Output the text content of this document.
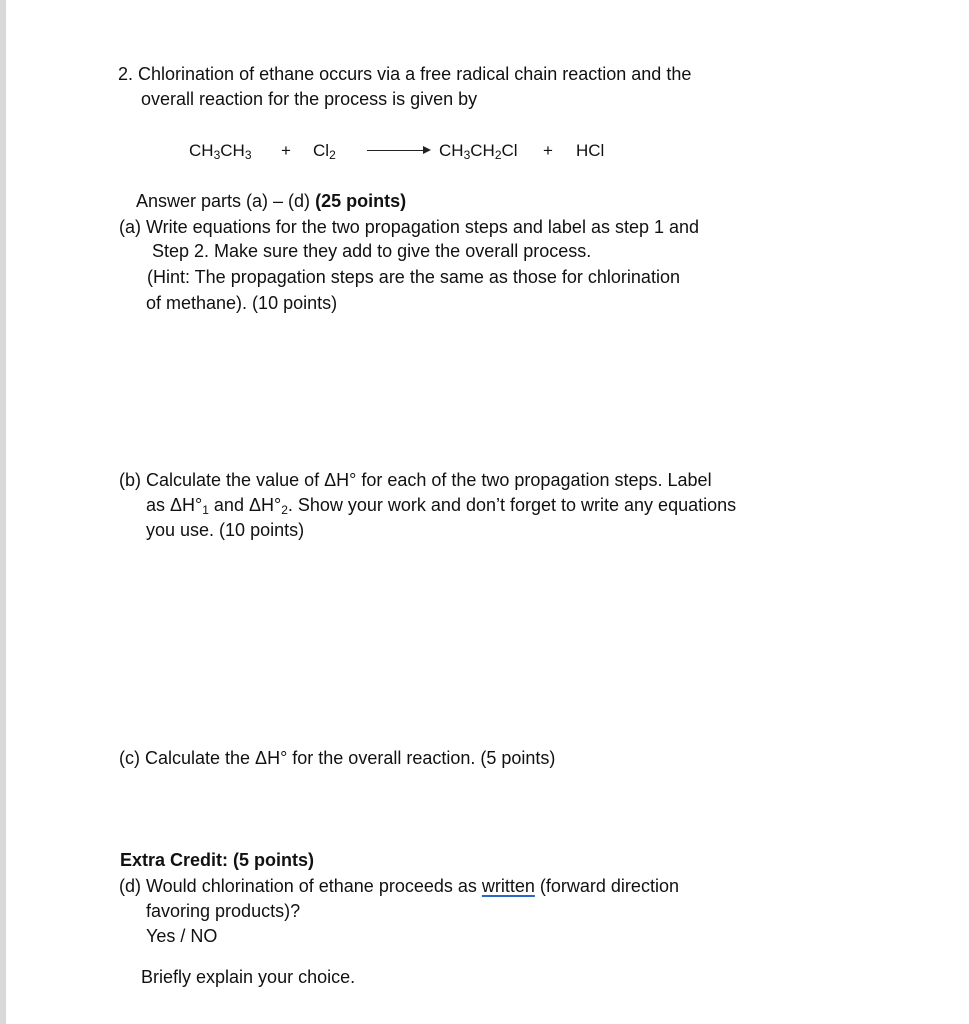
2. Chlorination of ethane occurs via a free radical chain reaction and the
overall reaction for the process is given by
$CH_3CH_3 + Cl_2 \to CH_3CH_2Cl$ + HCl
Answer parts (a) – (d) (25 points)
(a) Write equations for the two propagation steps and label as step 1 and
Step 2. Make sure they add to give the overall process.
(Hint: The propagation steps are the same as those for chlorination
of methane). (10 points)
(b) Calculate the value of ΔH° for each of the two propagation steps. Label
as $\Delta H^\circ_1$ and $\Delta H^\circ_2$. Show your work and don’t forget to write any equations
you use. (10 points)
(c) Calculate the ΔH° for the overall reaction. (5 points)
Extra Credit: (5 points)
(d) Would chlorination of ethane proceeds as written (forward direction
favoring products)?
Yes / NO
Briefly explain your choice.
